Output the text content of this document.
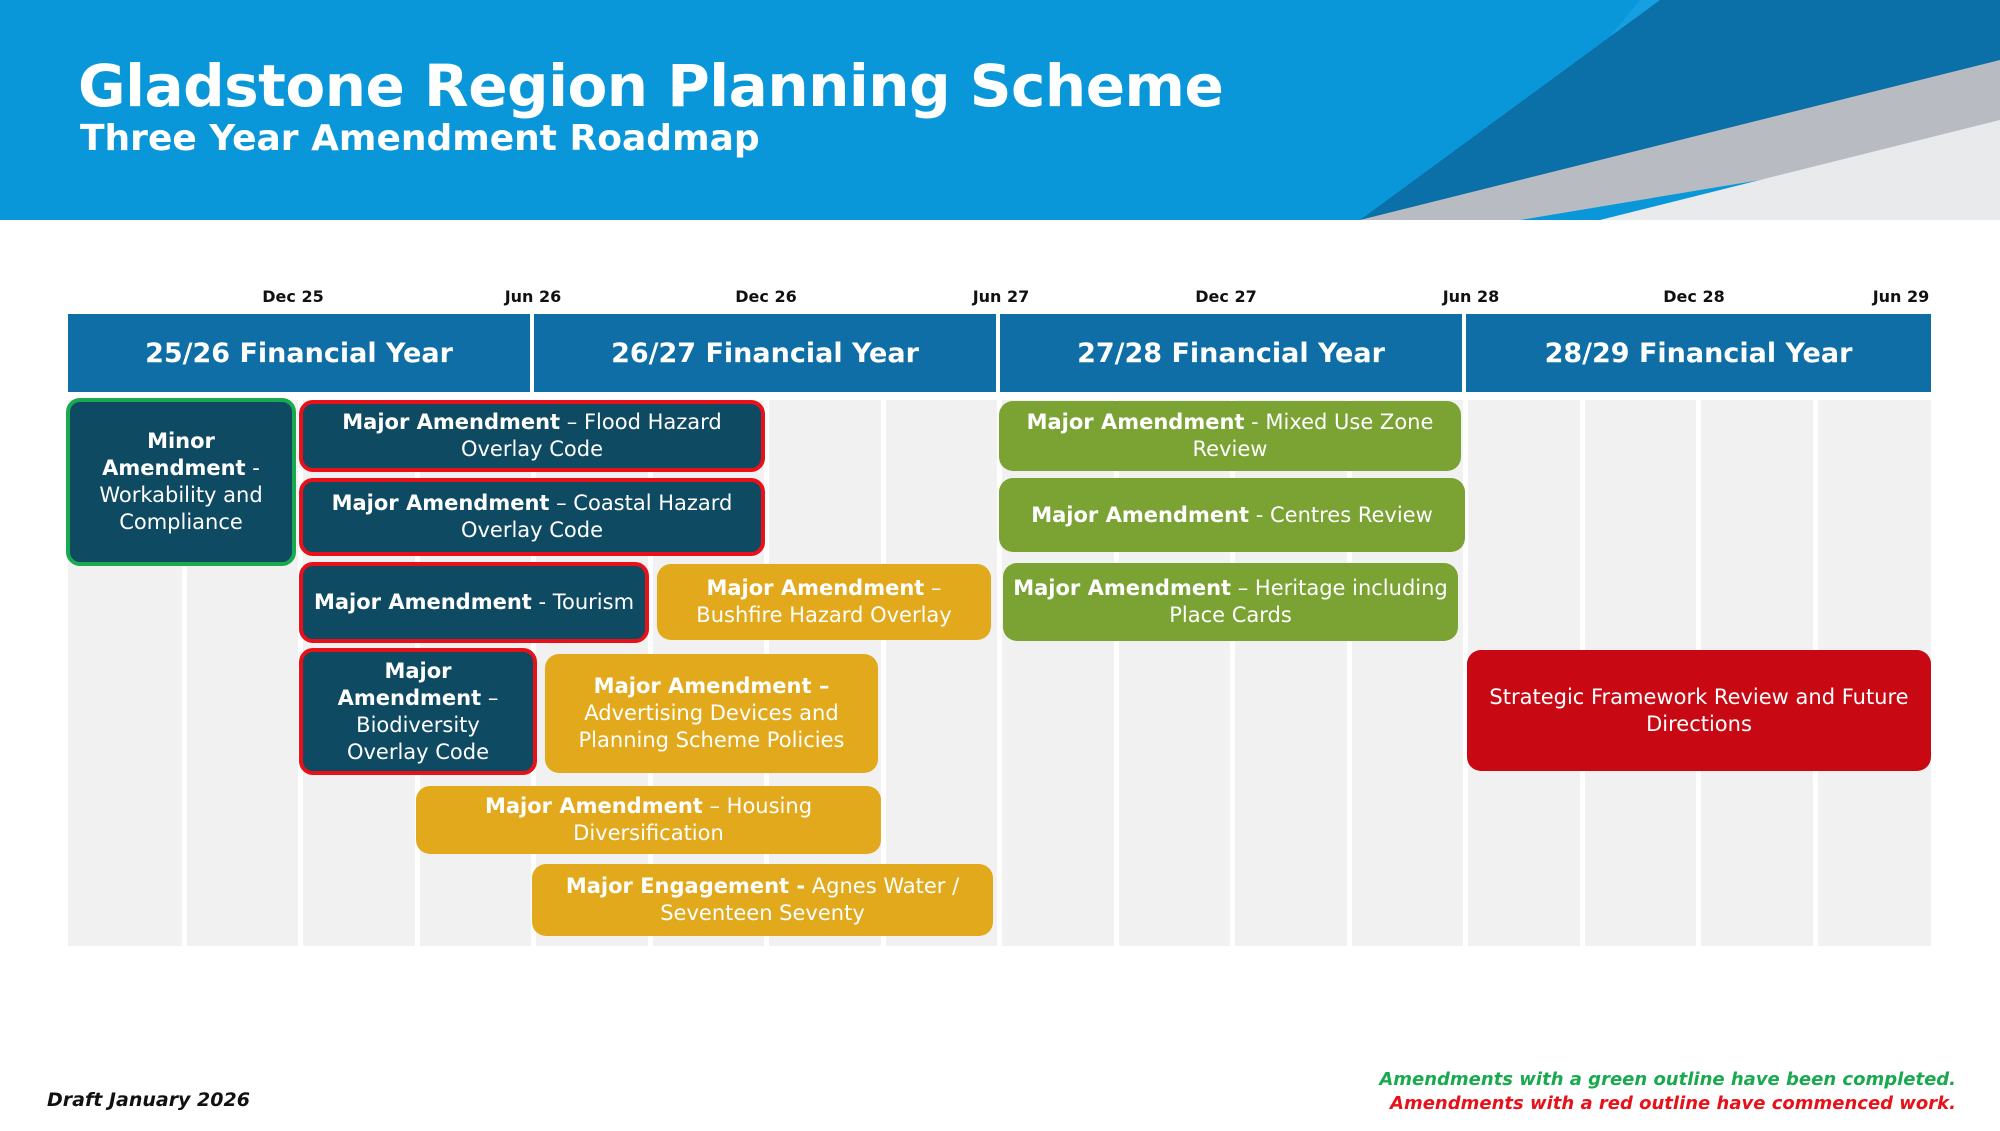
Gladstone Region Planning Scheme
Three Year Amendment Roadmap
Dec 25	Jun 26	Dec 26	Jun 27	Dec 27	Jun 28	Dec 28	Jun 29
25/26 Financial Year	26/27 Financial Year	27/28 Financial Year	28/29 Financial Year
Minor Amendment - Workability and Compliance
Major Amendment – Flood Hazard Overlay Code
Major Amendment – Coastal Hazard Overlay Code
Major Amendment - Tourism
Major Amendment – Biodiversity Overlay Code
Major Amendment – Bushfire Hazard Overlay
Major Amendment – Advertising Devices and Planning Scheme Policies
Major Amendment – Housing Diversification
Major Engagement - Agnes Water / Seventeen Seventy
Major Amendment - Mixed Use Zone Review
Major Amendment - Centres Review
Major Amendment – Heritage including Place Cards
Strategic Framework Review and Future Directions

Draft January 2026

Amendments with a green outline have been completed.
Amendments with a red outline have commenced work.
